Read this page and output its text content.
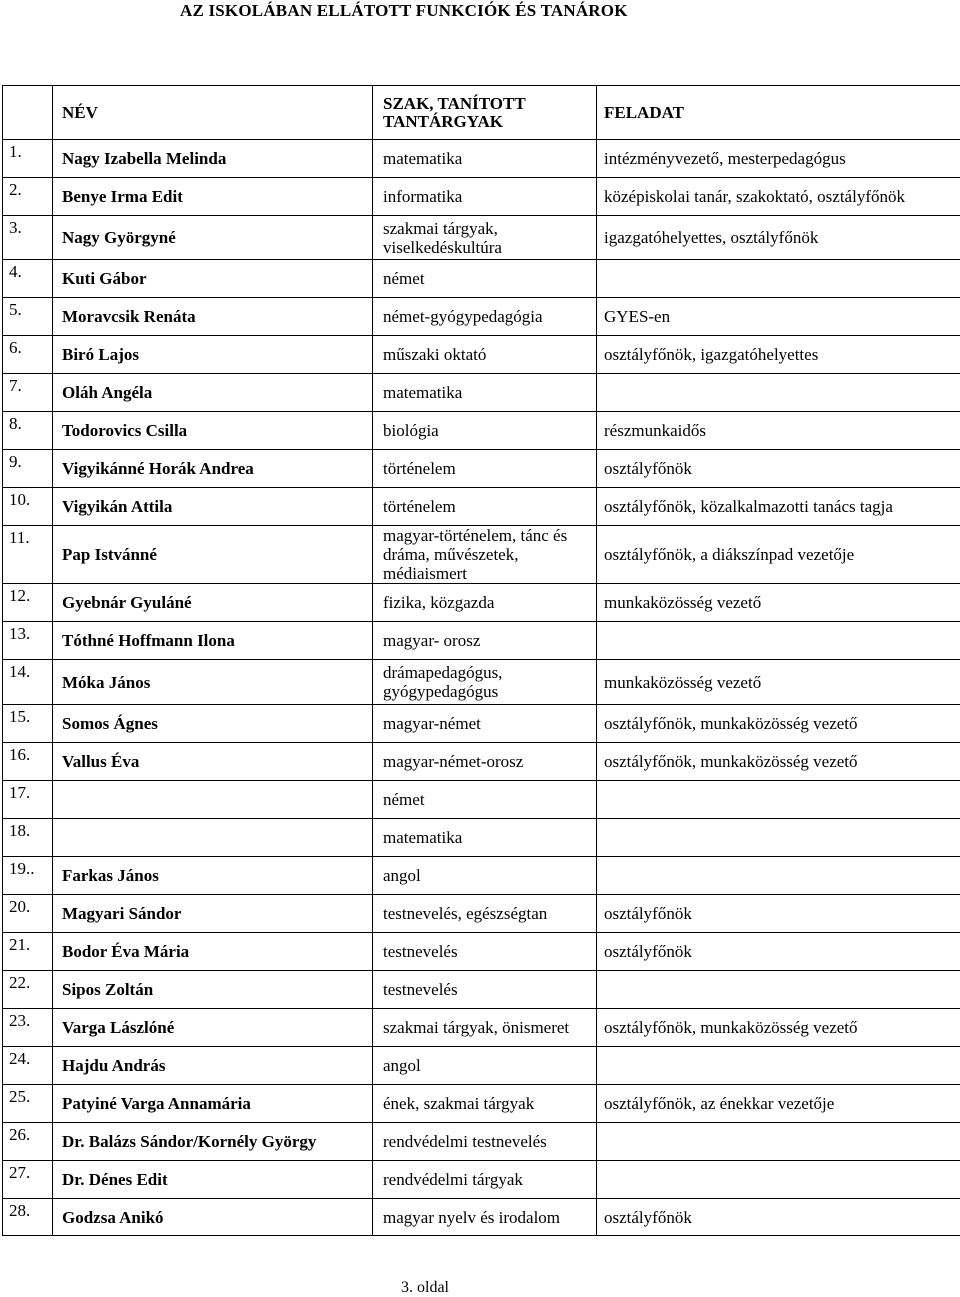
AZ ISKOLÁBAN ELLÁTOTT FUNKCIÓK ÉS TANÁROK
	NÉV	SZAK, TANÍTOTT TANTÁRGYAK	FELADAT
1.	Nagy Izabella Melinda	matematika	intézményvezető, mesterpedagógus
2.	Benye Irma Edit	informatika	középiskolai tanár, szakoktató, osztályfőnök
3.	Nagy Györgyné	szakmai tárgyak, viselkedéskultúra	igazgatóhelyettes, osztályfőnök
4.	Kuti Gábor	német	
5.	Moravcsik Renáta	német-gyógypedagógia	GYES-en
6.	Biró Lajos	műszaki oktató	osztályfőnök, igazgatóhelyettes
7.	Oláh Angéla	matematika	
8.	Todorovics Csilla	biológia	részmunkaidős
9.	Vigyikánné Horák Andrea	történelem	osztályfőnök
10.	Vigyikán Attila	történelem	osztályfőnök, közalkalmazotti tanács tagja
11.	Pap Istvánné	magyar-történelem, tánc és dráma, művészetek, médiaismert	osztályfőnök, a diákszínpad vezetője
12.	Gyebnár Gyuláné	fizika, közgazda	munkaközösség vezető
13.	Tóthné Hoffmann Ilona	magyar- orosz	
14.	Móka János	drámapedagógus, gyógypedagógus	munkaközösség vezető
15.	Somos Ágnes	magyar-német	osztályfőnök, munkaközösség vezető
16.	Vallus Éva	magyar-német-orosz	osztályfőnök, munkaközösség vezető
17.		német	
18.		matematika	
19..	Farkas János	angol	
20.	Magyari Sándor	testnevelés, egészségtan	osztályfőnök
21.	Bodor Éva Mária	testnevelés	osztályfőnök
22.	Sipos Zoltán	testnevelés	
23.	Varga Lászlóné	szakmai tárgyak, önismeret	osztályfőnök, munkaközösség vezető
24.	Hajdu András	angol	
25.	Patyiné Varga Annamária	ének, szakmai tárgyak	osztályfőnök, az énekkar vezetője
26.	Dr. Balázs Sándor/Kornély György	rendvédelmi testnevelés	
27.	Dr. Dénes Edit	rendvédelmi tárgyak	
28.	Godzsa Anikó	magyar nyelv és irodalom	osztályfőnök
3. oldal
